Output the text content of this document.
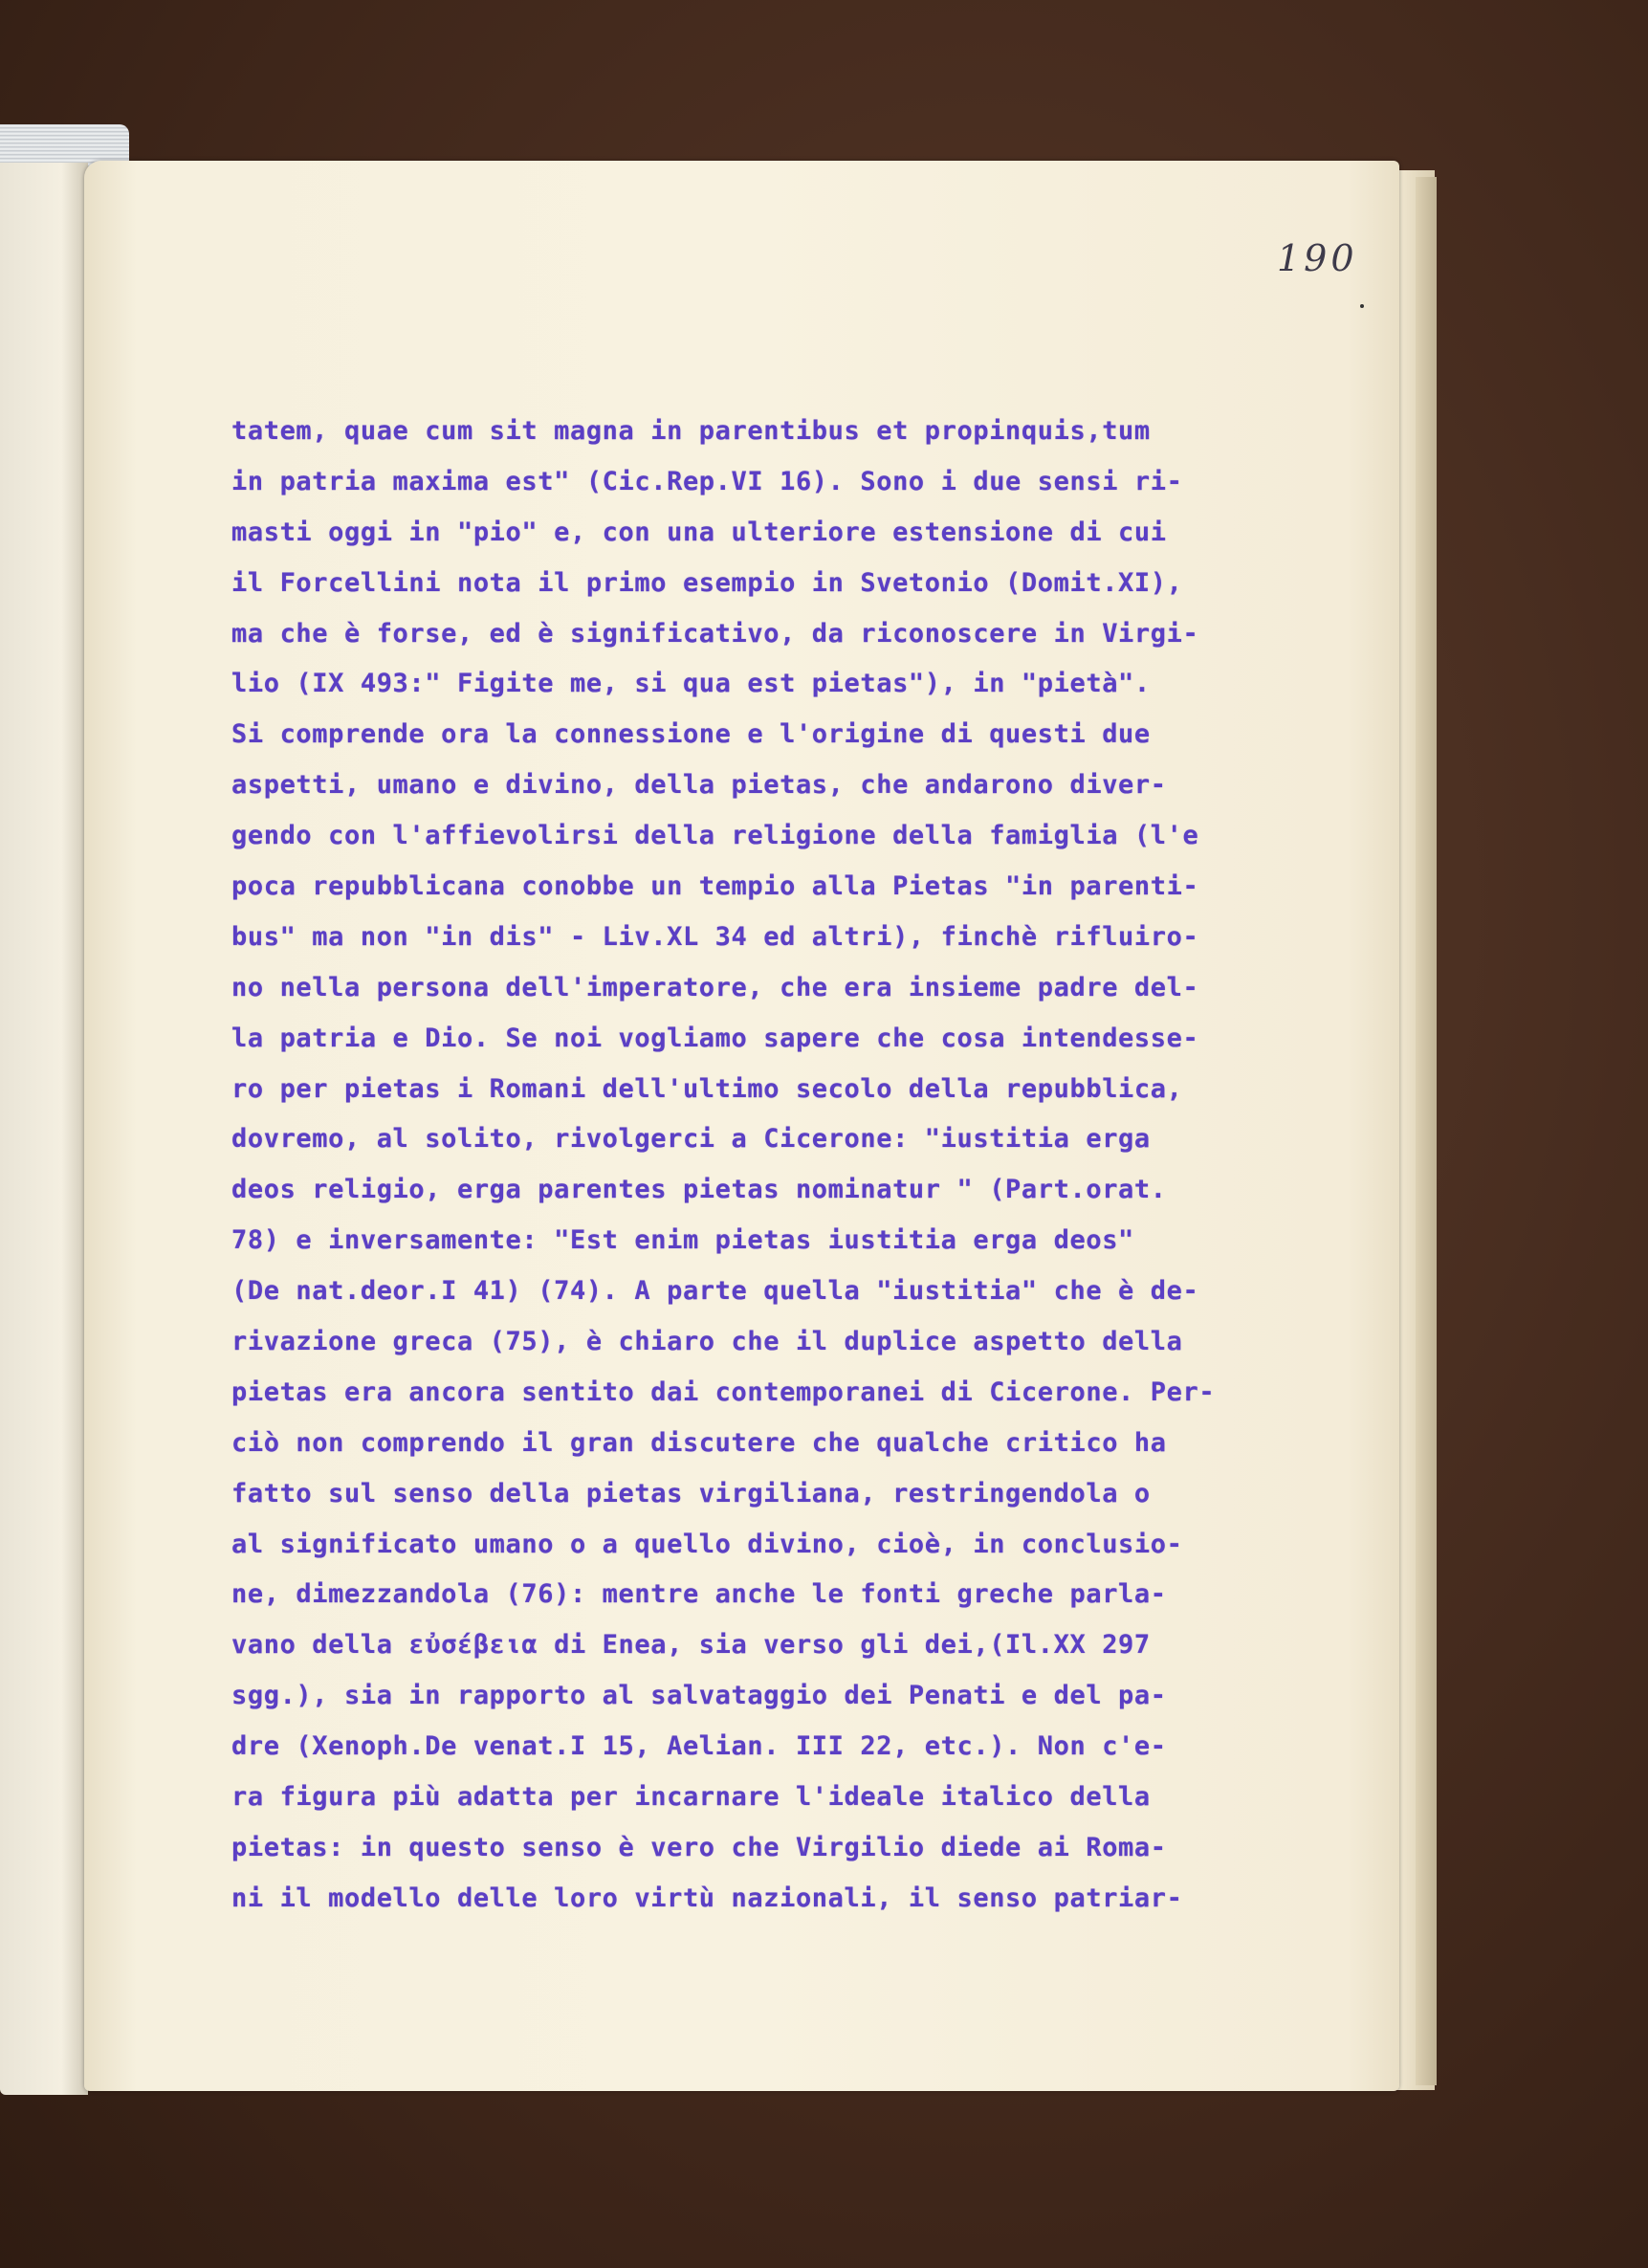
190
tatem, quae cum sit magna in parentibus et propinquis,tum
in patria maxima est" (Cic.Rep.VI 16). Sono i due sensi ri-
masti oggi in "pio" e, con una ulteriore estensione di cui
il Forcellini nota il primo esempio in Svetonio (Domit.XI),
ma che è forse, ed è significativo, da riconoscere in Virgi-
lio (IX 493:" Figite me, si qua est pietas"), in "pietà".
Si comprende ora la connessione e l'origine di questi due
aspetti, umano e divino, della pietas, che andarono diver-
gendo con l'affievolirsi della religione della famiglia (l'e
poca repubblicana conobbe un tempio alla Pietas "in parenti-
bus" ma non "in dis" - Liv.XL 34 ed altri), finchè rifluiro-
no nella persona dell'imperatore, che era insieme padre del-
la patria e Dio. Se noi vogliamo sapere che cosa intendesse-
ro per pietas i Romani dell'ultimo secolo della repubblica,
dovremo, al solito, rivolgerci a Cicerone: "iustitia erga
deos religio, erga parentes pietas nominatur " (Part.orat.
78) e inversamente: "Est enim pietas iustitia erga deos"
(De nat.deor.I 41) (74). A parte quella "iustitia" che è de-
rivazione greca (75), è chiaro che il duplice aspetto della
pietas era ancora sentito dai contemporanei di Cicerone. Per-
ciò non comprendo il gran discutere che qualche critico ha
fatto sul senso della pietas virgiliana, restringendola o
al significato umano o a quello divino, cioè, in conclusio-
ne, dimezzandola (76): mentre anche le fonti greche parla-
vano della εὐσέβεια di Enea, sia verso gli dei,(Il.XX 297
sgg.), sia in rapporto al salvataggio dei Penati e del pa-
dre (Xenoph.De venat.I 15, Aelian. III 22, etc.). Non c'e-
ra figura più adatta per incarnare l'ideale italico della
pietas: in questo senso è vero che Virgilio diede ai Roma-
ni il modello delle loro virtù nazionali, il senso patriar-
